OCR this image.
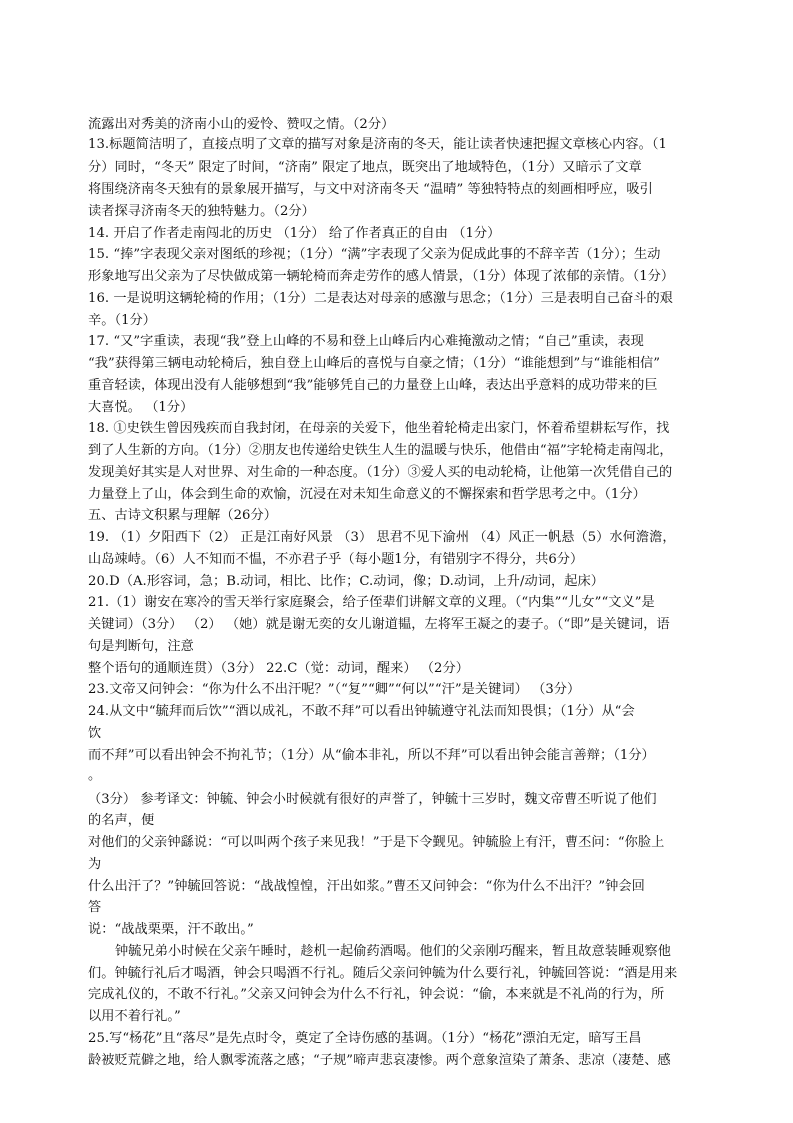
流露出对秀美的济南小山的爱怜、赞叹之情。（2分）
13.标题简洁明了，直接点明了文章的描写对象是济南的冬天，能让读者快速把握文章核心内容。（1
分）同时，“冬天” 限定了时间，“济南” 限定了地点，既突出了地域特色，（1分）又暗示了文章
将围绕济南冬天独有的景象展开描写，与文中对济南冬天 “温晴” 等独特特点的刻画相呼应，吸引
读者探寻济南冬天的独特魅力。（2分）
14. 开启了作者走南闯北的历史 （1分） 给了作者真正的自由 （1分）
15. “捧”字表现父亲对图纸的珍视；（1分）“满”字表现了父亲为促成此事的不辞辛苦（1分）；生动
形象地写出父亲为了尽快做成第一辆轮椅而奔走劳作的感人情景，（1分）体现了浓郁的亲情。（1分）
16. 一是说明这辆轮椅的作用；（1分）二是表达对母亲的感激与思念；（1分）三是表明自己奋斗的艰
辛。（1分）
17. “又”字重读，表现“我”登上山峰的不易和登上山峰后内心难掩激动之情；“自己”重读，表现
“我”获得第三辆电动轮椅后，独自登上山峰后的喜悦与自豪之情；（1分）“谁能想到”与“谁能相信”
重音轻读，体现出没有人能够想到“我”能够凭自己的力量登上山峰，表达出乎意料的成功带来的巨
大喜悦。 （1分）
18. ①史铁生曾因残疾而自我封闭，在母亲的关爱下，他坐着轮椅走出家门，怀着希望耕耘写作，找
到了人生新的方向。（1分）②朋友也传递给史铁生人生的温暖与快乐，他借由“福”字轮椅走南闯北，
发现美好其实是人对世界、对生命的一种态度。（1分）③爱人买的电动轮椅，让他第一次凭借自己的
力量登上了山，体会到生命的欢愉，沉浸在对未知生命意义的不懈探索和哲学思考之中。（1分）
五、古诗文积累与理解（26分）
19. （1）夕阳西下（2） 正是江南好风景 （3） 思君不见下渝州 （4）风正一帆悬（5）水何澹澹，
山岛竦峙。（6）人不知而不愠，不亦君子乎（每小题1分，有错别字不得分，共6分）
20.D（A.形容词，急；B.动词，相比、比作；C.动词，像；D.动词，上升/动词，起床）
21.（1）谢安在寒冷的雪天举行家庭聚会，给子侄辈们讲解文章的义理。（“内集”“儿女”“文义”是
关键词）（3分） （2） （她）就是谢无奕的女儿谢道韫，左将军王凝之的妻子。（“即”是关键词，语
句是判断句，注意
整个语句的通顺连贯）（3分） 22.C（觉：动词，醒来） （2分）
23.文帝又问钟会：“你为什么不出汗呢？”（“复”“卿”“何以”“汗”是关键词） （3分）
24.从文中“毓拜而后饮”“酒以成礼，不敢不拜”可以看出钟毓遵守礼法而知畏惧；（1分）从“会
饮
而不拜”可以看出钟会不拘礼节；（1分）从“偷本非礼，所以不拜”可以看出钟会能言善辩；（1分）
。
（3分） 参考译文：钟毓、钟会小时候就有很好的声誉了，钟毓十三岁时，魏文帝曹丕听说了他们
的名声，便
对他们的父亲钟繇说：“可以叫两个孩子来见我！”于是下令觐见。钟毓脸上有汗，曹丕问：“你脸上
为
什么出汗了？”钟毓回答说：“战战惶惶，汗出如浆。”曹丕又问钟会：“你为什么不出汗？”钟会回
答
说：“战战栗栗，汗不敢出。”
钟毓兄弟小时候在父亲午睡时，趁机一起偷药酒喝。他们的父亲刚巧醒来，暂且故意装睡观察他
们。钟毓行礼后才喝酒，钟会只喝酒不行礼。随后父亲问钟毓为什么要行礼，钟毓回答说：“酒是用来
完成礼仪的，不敢不行礼。”父亲又问钟会为什么不行礼，钟会说：“偷，本来就是不礼尚的行为，所
以用不着行礼。”
25.写“杨花”且“落尽”是先点时令，奠定了全诗伤感的基调。（1分）“杨花”漂泊无定，暗写王昌
龄被贬荒僻之地，给人飘零流落之感；“子规”啼声悲哀凄惨。两个意象渲染了萧条、悲凉（凄楚、感
